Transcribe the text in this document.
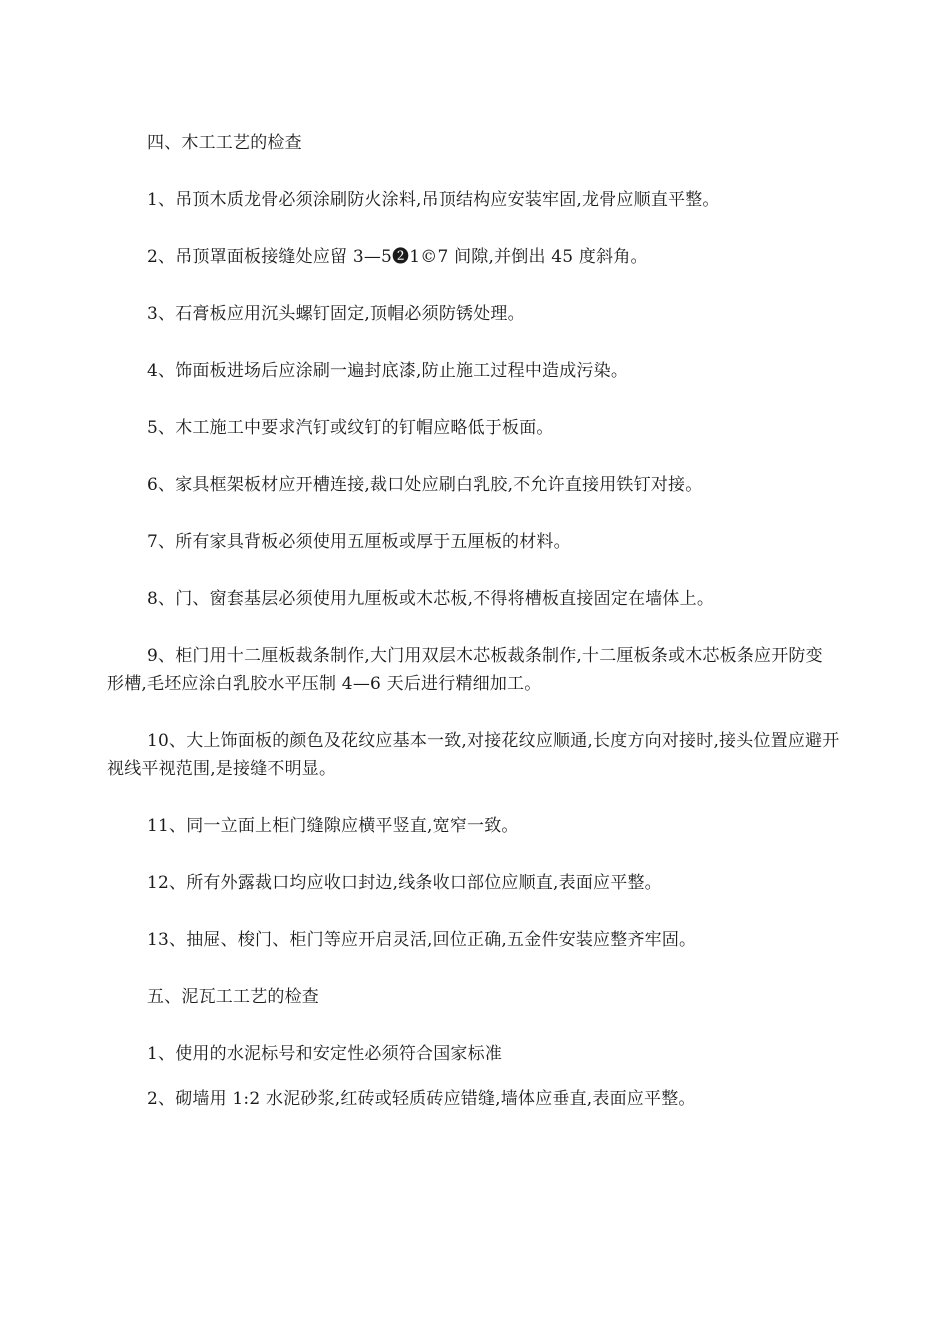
四、木工工艺的检查

1、吊顶木质龙骨必须涂刷防火涂料,吊顶结构应安装牢固,龙骨应顺直平整。

2、吊顶罩面板接缝处应留 3—5❷1©7 间隙,并倒出 45 度斜角。

3、石膏板应用沉头螺钉固定,顶帽必须防锈处理。

4、饰面板进场后应涂刷一遍封底漆,防止施工过程中造成污染。

5、木工施工中要求汽钉或纹钉的钉帽应略低于板面。

6、家具框架板材应开槽连接,裁口处应刷白乳胶,不允许直接用铁钉对接。

7、所有家具背板必须使用五厘板或厚于五厘板的材料。

8、门、窗套基层必须使用九厘板或木芯板,不得将槽板直接固定在墙体上。

9、柜门用十二厘板裁条制作,大门用双层木芯板裁条制作,十二厘板条或木芯板条应开防变形槽,毛坯应涂白乳胶水平压制 4—6 天后进行精细加工。

10、大上饰面板的颜色及花纹应基本一致,对接花纹应顺通,长度方向对接时,接头位置应避开视线平视范围,是接缝不明显。

11、同一立面上柜门缝隙应横平竖直,宽窄一致。

12、所有外露裁口均应收口封边,线条收口部位应顺直,表面应平整。

13、抽屉、梭门、柜门等应开启灵活,回位正确,五金件安装应整齐牢固。

五、泥瓦工工艺的检查

1、使用的水泥标号和安定性必须符合国家标准

2、砌墙用 1:2 水泥砂浆,红砖或轻质砖应错缝,墙体应垂直,表面应平整。
